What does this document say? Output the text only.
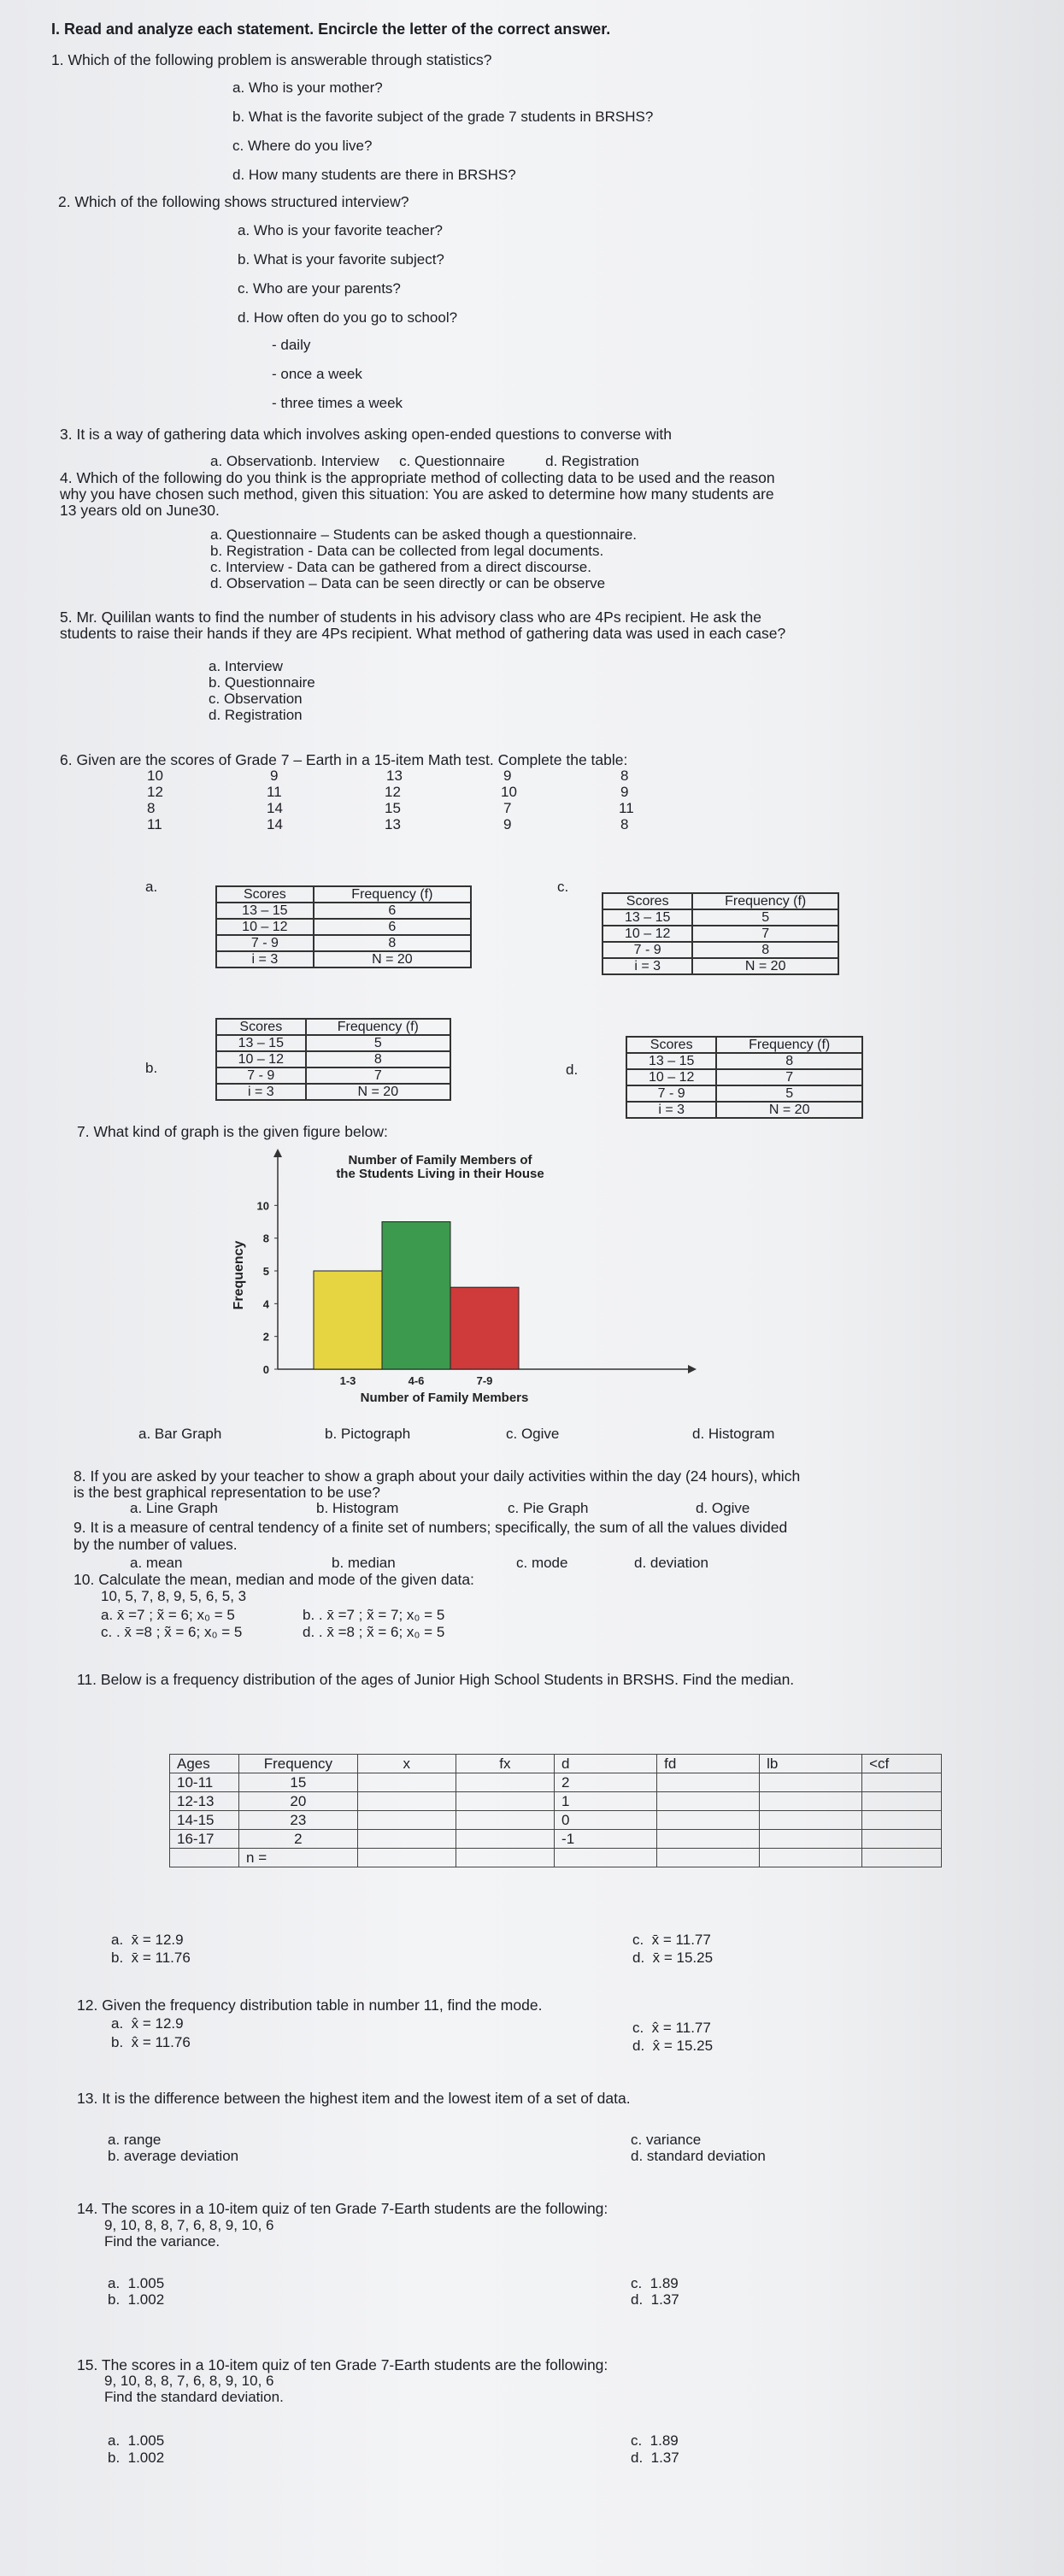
I. Read and analyze each statement. Encircle the letter of the correct answer.
1. Which of the following problem is answerable through statistics?
a. Who is your mother?
b. What is the favorite subject of the grade 7 students in BRSHS?
c. Where do you live?
d. How many students are there in BRSHS?
2. Which of the following shows structured interview?
a. Who is your favorite teacher?
b. What is your favorite subject?
c. Who are your parents?
d. How often do you go to school?
- daily
- once a week
- three times a week
3. It is a way of gathering data which involves asking open-ended questions to converse with
a. Observationb. Interview     c. Questionnaire          d. Registration
4. Which of the following do you think is the appropriate method of collecting data to be used and the reason
why you have chosen such method, given this situation: You are asked to determine how many students are
13 years old on June30.
a. Questionnaire – Students can be asked though a questionnaire.
b. Registration - Data can be collected from legal documents.
c. Interview - Data can be gathered from a direct discourse.
d. Observation – Data can be seen directly or can be observe
5. Mr. Quililan wants to find the number of students in his advisory class who are 4Ps recipient. He ask the
students to raise their hands if they are 4Ps recipient. What method of gathering data was used in each case?
a. Interview
b. Questionnaire
c. Observation
d. Registration
6. Given are the scores of Grade 7 – Earth in a 15-item Math test. Complete the table:
10	9	13	9	8
12	11	12	10	9
8	14	15	7	11
11	14	13	9	8
a.	Scores	Frequency (f)
13 – 15	6
10 – 12	6
7 - 9	8
i = 3	N = 20
c.
Scores	Frequency (f)
13 – 15	5
10 – 12	7
7 - 9	8
i = 3	N = 20
b.
Scores	Frequency (f)
13 – 15	5
10 – 12	8
7 - 9	7
i = 3	N = 20
d.
Scores	Frequency (f)
13 – 15	8
10 – 12	7
7 - 9	5
i = 3	N = 20
7. What kind of graph is the given figure below:
Number of Family Members of
the Students Living in their House
0
2
4
5
8
10
1-3	4-6	7-9
Number of Family Members
Frequency
a. Bar Graph	b. Pictograph	c. Ogive	d. Histogram
8. If you are asked by your teacher to show a graph about your daily activities within the day (24 hours), which
is the best graphical representation to be use?
a. Line Graph	b. Histogram	c. Pie Graph	d. Ogive
9. It is a measure of central tendency of a finite set of numbers; specifically, the sum of all the values divided
by the number of values.
a. mean	b. median	c. mode	d. deviation
10. Calculate the mean, median and mode of the given data:
10, 5, 7, 8, 9, 5, 6, 5, 3
a. x̄ =7 ; x̃ = 6; x₀ = 5	b. . x̄ =7 ; x̃ = 7; x₀ = 5
c. . x̄ =8 ; x̃ = 6; x₀ = 5	d. . x̄ =8 ; x̃ = 6; x₀ = 5
11. Below is a frequency distribution of the ages of Junior High School Students in BRSHS. Find the median.
Ages	Frequency	x	fx	d	fd	lb	<cf
10-11	15			2			
12-13	20			1			
14-15	23			0			
16-17	2			-1			
	n =						
a.  x̄ = 12.9
b.  x̄ = 11.76
c.  x̄ = 11.77
d.  x̄ = 15.25
12. Given the frequency distribution table in number 11, find the mode.
a.  x̂ = 12.9
b.  x̂ = 11.76
c.  x̂ = 11.77
d.  x̂ = 15.25
13. It is the difference between the highest item and the lowest item of a set of data.
a. range
b. average deviation
c. variance
d. standard deviation
14. The scores in a 10-item quiz of ten Grade 7-Earth students are the following:
9, 10, 8, 8, 7, 6, 8, 9, 10, 6
Find the variance.
a.  1.005
b.  1.002
c.  1.89
d.  1.37
15. The scores in a 10-item quiz of ten Grade 7-Earth students are the following:
9, 10, 8, 8, 7, 6, 8, 9, 10, 6
Find the standard deviation.
a.  1.005
b.  1.002
c.  1.89
d.  1.37
